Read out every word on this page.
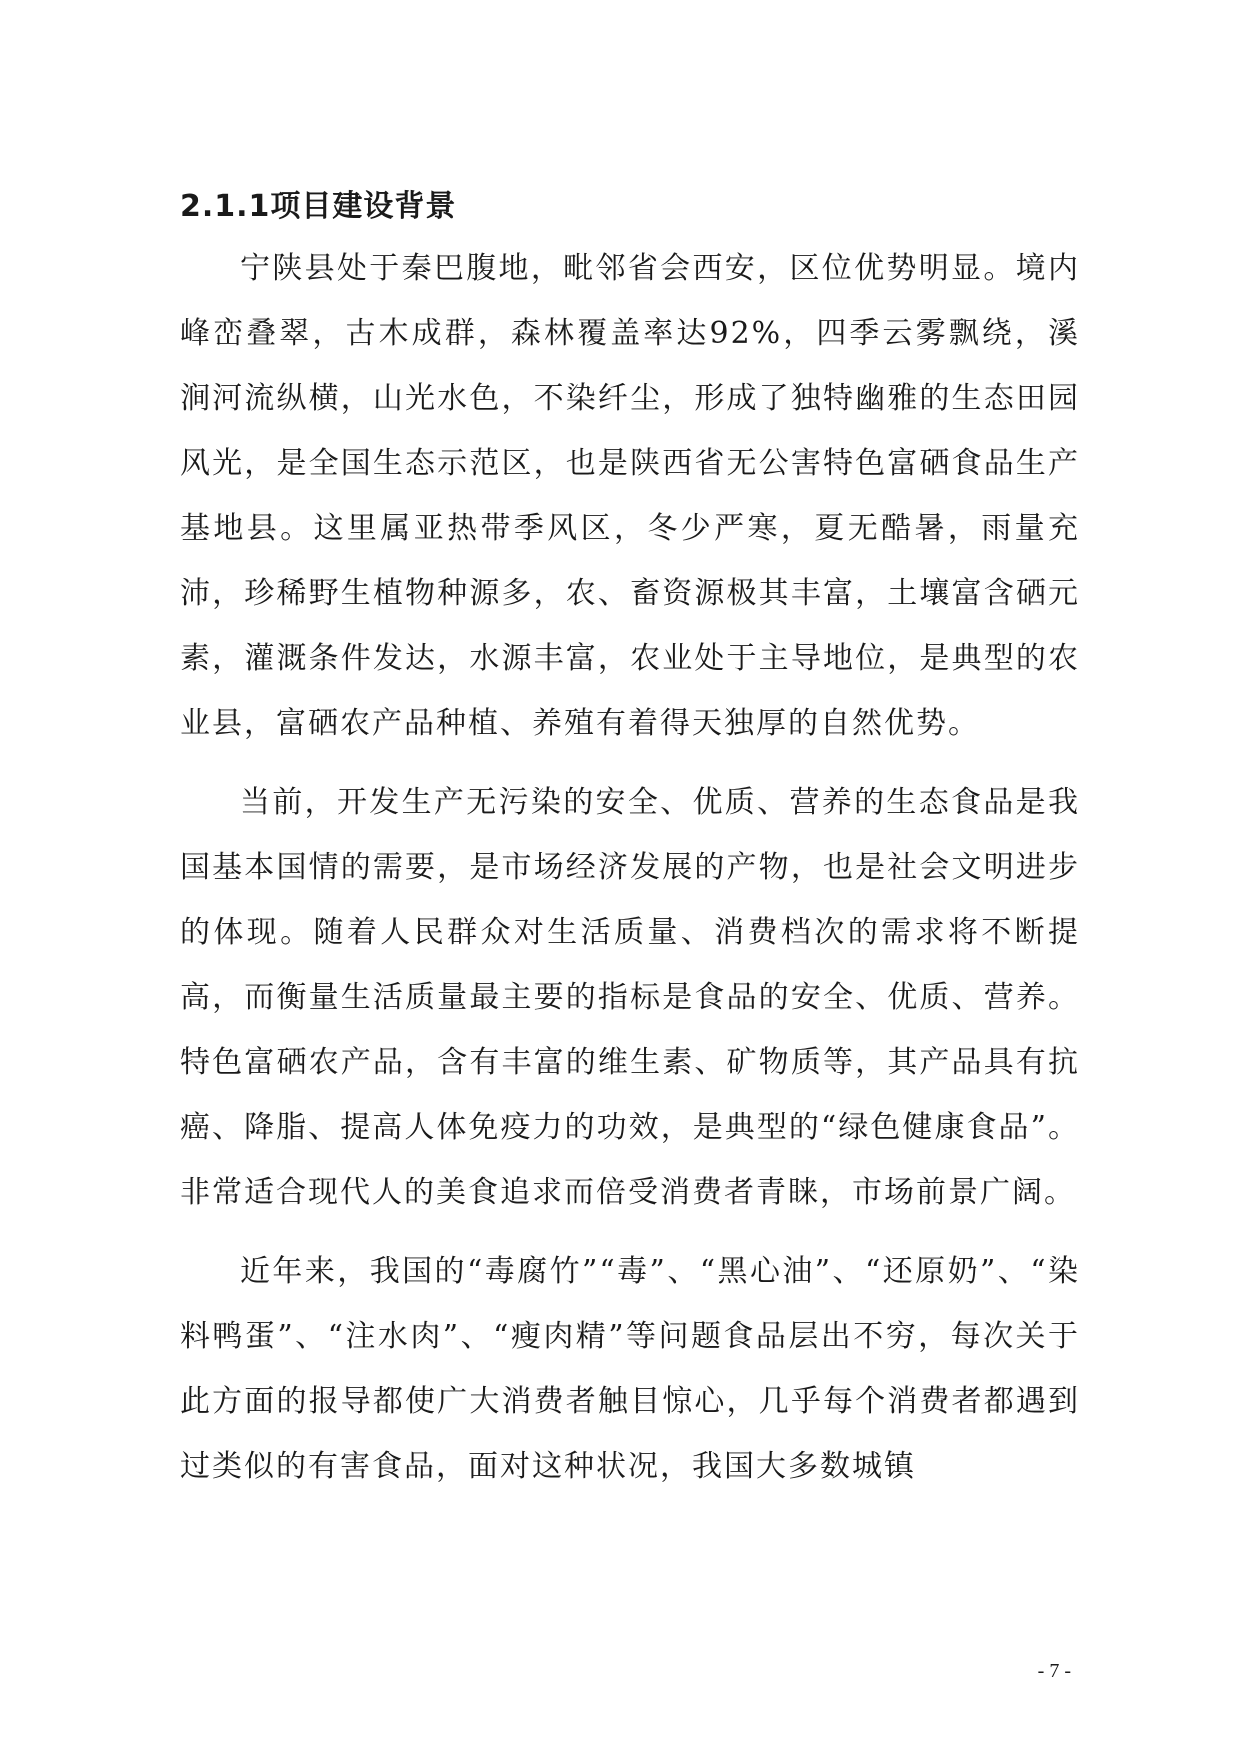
2.1.1项目建设背景

宁陕县处于秦巴腹地，毗邻省会西安，区位优势明显。境内峰峦叠翠，古木成群，森林覆盖率达92%，四季云雾飘绕，溪涧河流纵横，山光水色，不染纤尘，形成了独特幽雅的生态田园风光，是全国生态示范区，也是陕西省无公害特色富硒食品生产基地县。这里属亚热带季风区，冬少严寒，夏无酷暑，雨量充沛，珍稀野生植物种源多，农、畜资源极其丰富，土壤富含硒元素，灌溉条件发达，水源丰富，农业处于主导地位，是典型的农业县，富硒农产品种植、养殖有着得天独厚的自然优势。

当前，开发生产无污染的安全、优质、营养的生态食品是我国基本国情的需要，是市场经济发展的产物，也是社会文明进步的体现。随着人民群众对生活质量、消费档次的需求将不断提高，而衡量生活质量最主要的指标是食品的安全、优质、营养。特色富硒农产品，含有丰富的维生素、矿物质等，其产品具有抗癌、降脂、提高人体免疫力的功效，是典型的“绿色健康食品”。非常适合现代人的美食追求而倍受消费者青睐，市场前景广阔。

近年来，我国的“毒腐竹”“毒”、“黑心油”、“还原奶”、“染料鸭蛋”、“注水肉”、“瘦肉精”等问题食品层出不穷，每次关于此方面的报导都使广大消费者触目惊心，几乎每个消费者都遇到过类似的有害食品，面对这种状况，我国大多数城镇

- 7 -
